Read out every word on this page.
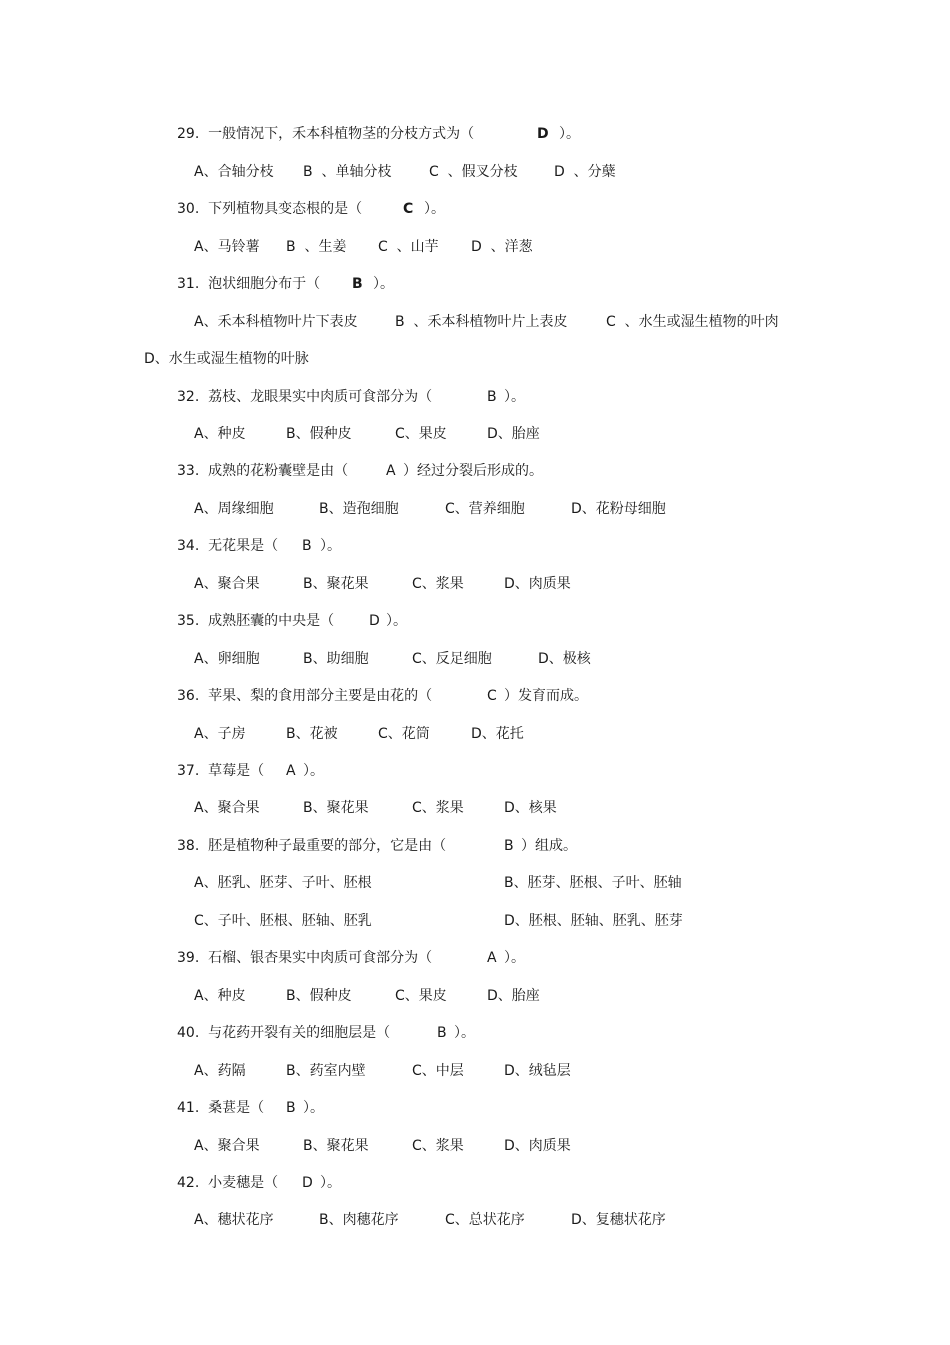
29.  一般情况下，禾本科植物茎的分枝方式为（	D ）。
A、合轴分枝 B  、单轴分枝	C  、假叉分枝	D  、分蘖
30.  下列植物具变态根的是（	C ）。
A、马铃薯 B  、生姜 C  、山芋 D  、洋葱
31.  泡状细胞分布于（ B ）。
A、禾本科植物叶片下表皮	B  、禾本科植物叶片上表皮	C  、水生或湿生植物的叶肉
D、水生或湿生植物的叶脉
32.  荔枝、龙眼果实中肉质可食部分为（	B ）。
A、种皮	B、假种皮	C、果皮	D、胎座
33.  成熟的花粉囊壁是由（	A ）经过分裂后形成的。
A、周缘细胞	B、造孢细胞	C、营养细胞	D、花粉母细胞
34.  无花果是（ B ）。
A、聚合果	B、聚花果	C、浆果	D、肉质果
35.  成熟胚囊的中央是（ D ）。
A、卵细胞	B、助细胞	C、反足细胞	D、极核
36.  苹果、梨的食用部分主要是由花的（	C ）发育而成。
A、子房	B、花被	C、花筒	D、花托
37.  草莓是（ A ）。
A、聚合果	B、聚花果	C、浆果	D、核果
38.  胚是植物种子最重要的部分，它是由（	B ）组成。
A、胚乳、胚芽、子叶、胚根	B、胚芽、胚根、子叶、胚轴
C、子叶、胚根、胚轴、胚乳	D、胚根、胚轴、胚乳、胚芽
39.  石榴、银杏果实中肉质可食部分为（	A ）。
A、种皮	B、假种皮	C、果皮	D、胎座
40.  与花药开裂有关的细胞层是（	B ）。
A、药隔	B、药室内壁	C、中层	D、绒毡层
41.  桑葚是（ B ）。
A、聚合果	B、聚花果	C、浆果	D、肉质果
42.  小麦穗是（ D ）。
A、穗状花序	B、肉穗花序	C、总状花序	D、复穗状花序
